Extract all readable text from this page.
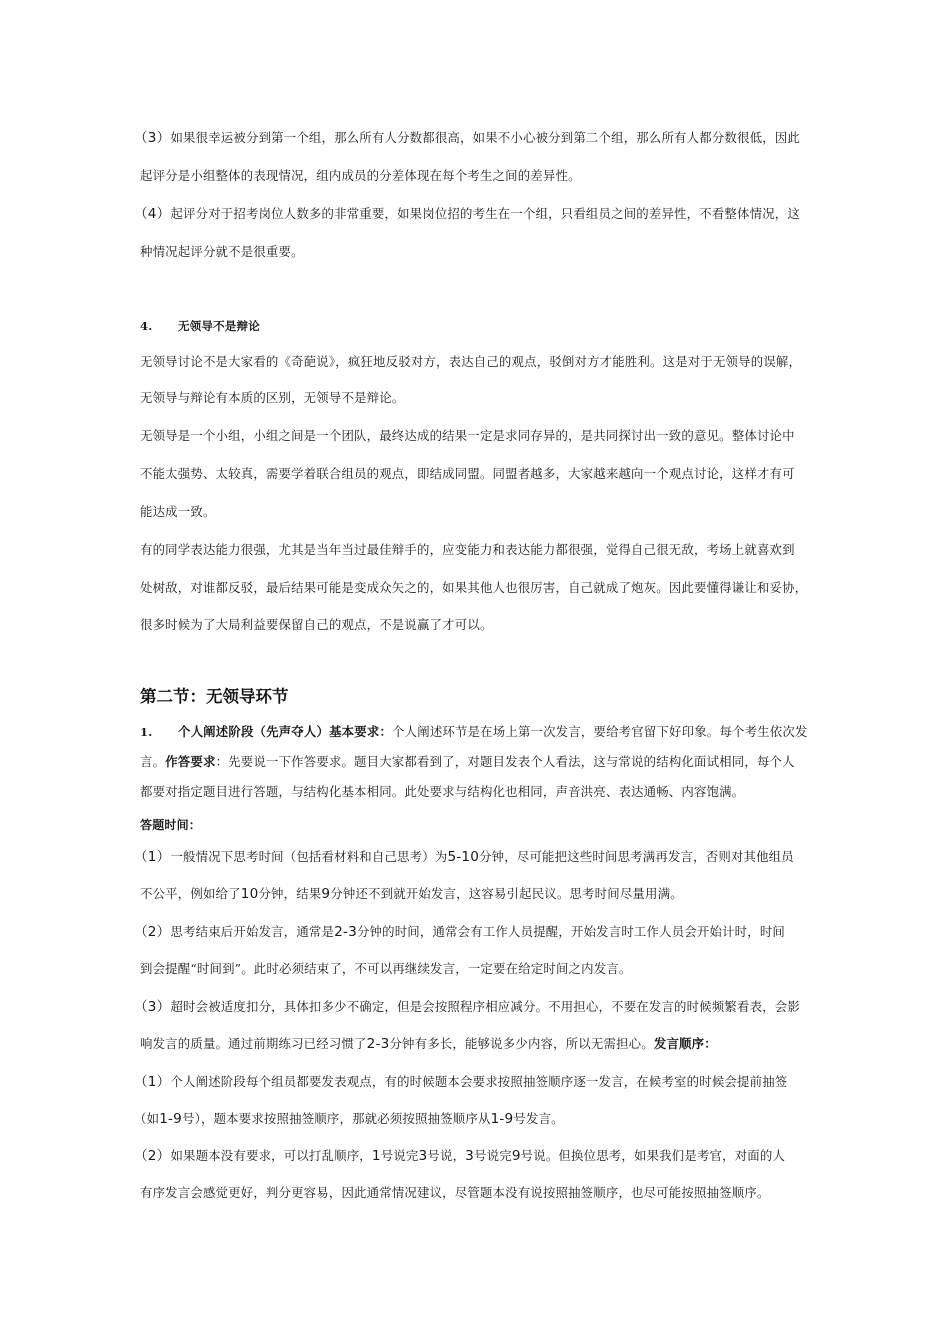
（3）如果很幸运被分到第一个组，那么所有人分数都很高，如果不小心被分到第二个组，那么所有人都分数很低，因此
起评分是小组整体的表现情况，组内成员的分差体现在每个考生之间的差异性。
（4）起评分对于招考岗位人数多的非常重要，如果岗位招的考生在一个组，只看组员之间的差异性，不看整体情况，这
种情况起评分就不是很重要。
4. 无领导不是辩论
无领导讨论不是大家看的《奇葩说》，疯狂地反驳对方，表达自己的观点，驳倒对方才能胜利。这是对于无领导的误解，
无领导与辩论有本质的区别，无领导不是辩论。
无领导是一个小组，小组之间是一个团队，最终达成的结果一定是求同存异的，是共同探讨出一致的意见。整体讨论中
不能太强势、太较真，需要学着联合组员的观点，即结成同盟。同盟者越多，大家越来越向一个观点讨论，这样才有可
能达成一致。
有的同学表达能力很强，尤其是当年当过最佳辩手的，应变能力和表达能力都很强，觉得自己很无敌，考场上就喜欢到
处树敌，对谁都反驳，最后结果可能是变成众矢之的，如果其他人也很厉害，自己就成了炮灰。因此要懂得谦让和妥协，
很多时候为了大局利益要保留自己的观点，不是说赢了才可以。
第二节：无领导环节
1. 个人阐述阶段（先声夺人）基本要求：个人阐述环节是在场上第一次发言，要给考官留下好印象。每个考生依次发
言。作答要求：先要说一下作答要求。题目大家都看到了，对题目发表个人看法，这与常说的结构化面试相同，每个人
都要对指定题目进行答题，与结构化基本相同。此处要求与结构化也相同，声音洪亮、表达通畅、内容饱满。
答题时间：
（1）一般情况下思考时间（包括看材料和自己思考）为5-10分钟，尽可能把这些时间思考满再发言，否则对其他组员
不公平，例如给了10分钟，结果9分钟还不到就开始发言，这容易引起民议。思考时间尽量用满。
（2）思考结束后开始发言，通常是2-3分钟的时间，通常会有工作人员提醒，开始发言时工作人员会开始计时，时间
到会提醒“时间到”。此时必须结束了，不可以再继续发言，一定要在给定时间之内发言。
（3）超时会被适度扣分，具体扣多少不确定，但是会按照程序相应减分。不用担心，不要在发言的时候频繁看表，会影
响发言的质量。通过前期练习已经习惯了2-3分钟有多长，能够说多少内容，所以无需担心。发言顺序：
（1）个人阐述阶段每个组员都要发表观点，有的时候题本会要求按照抽签顺序逐一发言，在候考室的时候会提前抽签
（如1-9号），题本要求按照抽签顺序，那就必须按照抽签顺序从1-9号发言。
（2）如果题本没有要求，可以打乱顺序，1号说完3号说，3号说完9号说。但换位思考，如果我们是考官，对面的人
有序发言会感觉更好，判分更容易，因此通常情况建议，尽管题本没有说按照抽签顺序，也尽可能按照抽签顺序。
